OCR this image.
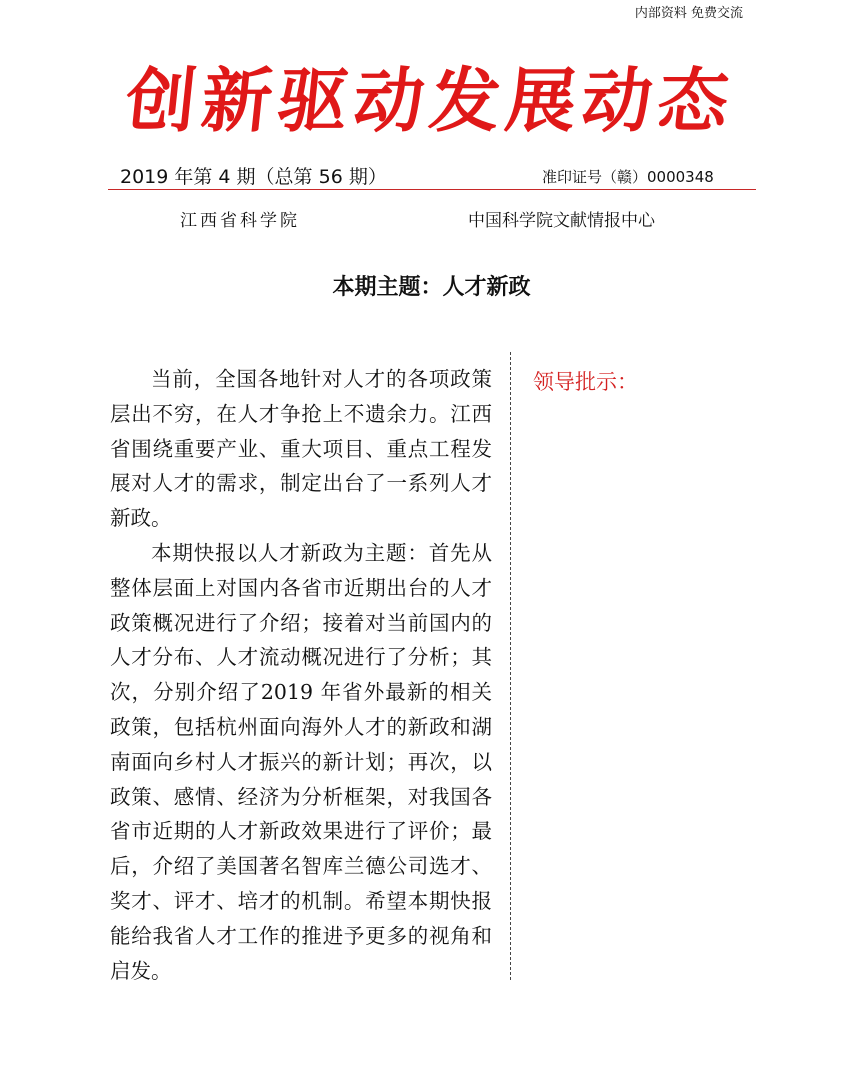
内部资料 免费交流
创新驱动发展动态
2019 年第 4 期（总第 56 期）	准印证号（赣）0000348
江西省科学院	中国科学院文献情报中心
本期主题：人才新政

当前，全国各地针对人才的各项政策层出不穷，在人才争抢上不遗余力。江西省围绕重要产业、重大项目、重点工程发展对人才的需求，制定出台了一系列人才新政。

本期快报以人才新政为主题：首先从整体层面上对国内各省市近期出台的人才政策概况进行了介绍；接着对当前国内的人才分布、人才流动概况进行了分析；其次，分别介绍了2019 年省外最新的相关政策，包括杭州面向海外人才的新政和湖南面向乡村人才振兴的新计划；再次，以政策、感情、经济为分析框架，对我国各省市近期的人才新政效果进行了评价；最后，介绍了美国著名智库兰德公司选才、奖才、评才、培才的机制。希望本期快报能给我省人才工作的推进予更多的视角和启发。

领导批示：
